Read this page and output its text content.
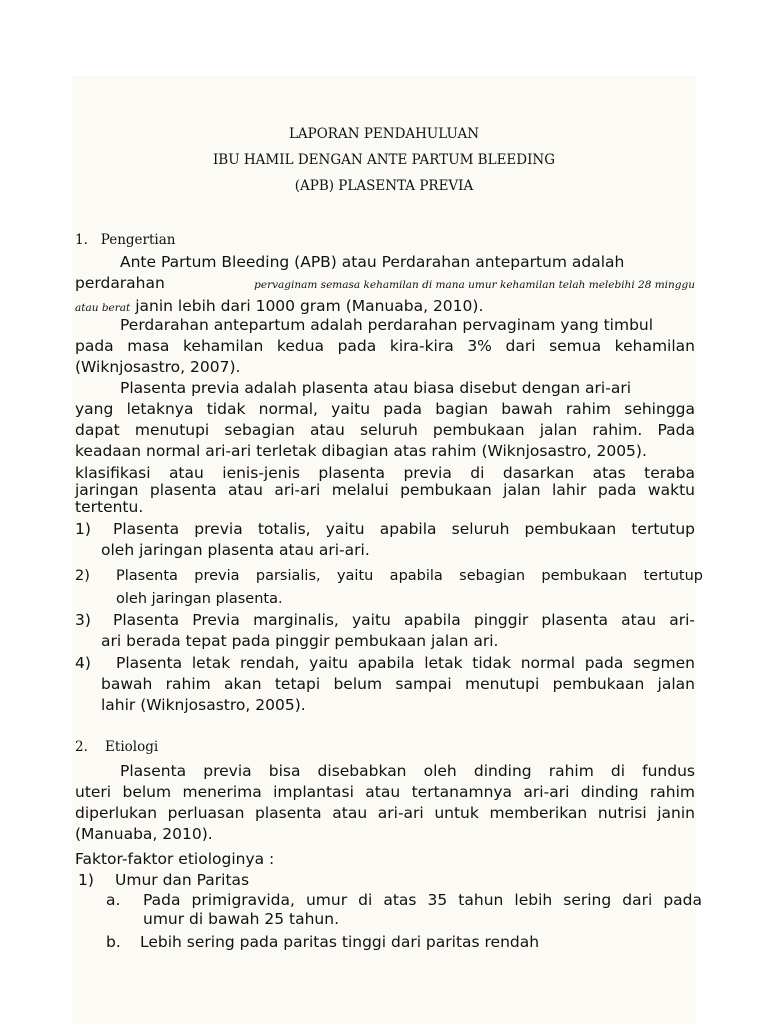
LAPORAN PENDAHULUAN
IBU HAMIL DENGAN ANTE PARTUM BLEEDING
(APB) PLASENTA PREVIA
1.   Pengertian
Ante Partum Bleeding (APB) atau Perdarahan antepartum adalah
perdarahan	pervaginam semasa kehamilan di mana umur kehamilan telah melebihi 28 minggu
atau berat janin lebih dari 1000 gram (Manuaba, 2010).
Perdarahan antepartum adalah perdarahan pervaginam yang timbul
pada masa kehamilan kedua pada kira-kira 3% dari semua kehamilan
(Wiknjosastro, 2007).
Plasenta previa adalah plasenta atau biasa disebut dengan ari-ari
yang letaknya tidak normal, yaitu pada bagian bawah rahim sehingga
dapat menutupi sebagian atau seluruh pembukaan jalan rahim. Pada
keadaan normal ari-ari terletak dibagian atas rahim (Wiknjosastro, 2005).
klasifikasi atau ienis-jenis plasenta previa di dasarkan atas teraba
jaringan plasenta atau ari-ari melalui pembukaan jalan lahir pada waktu
tertentu.
1)	Plasenta previa totalis, yaitu apabila seluruh pembukaan tertutup
oleh jaringan plasenta atau ari-ari.
2)	Plasenta previa parsialis, yaitu apabila sebagian pembukaan tertutup
oleh jaringan plasenta.
3)	Plasenta Previa marginalis, yaitu apabila pinggir plasenta atau ari-
ari berada tepat pada pinggir pembukaan jalan ari.
4)	Plasenta letak rendah, yaitu apabila letak tidak normal pada segmen
bawah rahim akan tetapi belum sampai menutupi pembukaan jalan
lahir (Wiknjosastro, 2005).
2.    Etiologi
Plasenta previa bisa disebabkan oleh dinding rahim di fundus
uteri belum menerima implantasi atau tertanamnya ari-ari dinding rahim
diperlukan perluasan plasenta atau ari-ari untuk memberikan nutrisi janin
(Manuaba, 2010).
Faktor-faktor etiologinya :
1)	Umur dan Paritas
a.	Pada primigravida, umur di atas 35 tahun lebih sering dari pada
umur di bawah 25 tahun.
b.	Lebih sering pada paritas tinggi dari paritas rendah
